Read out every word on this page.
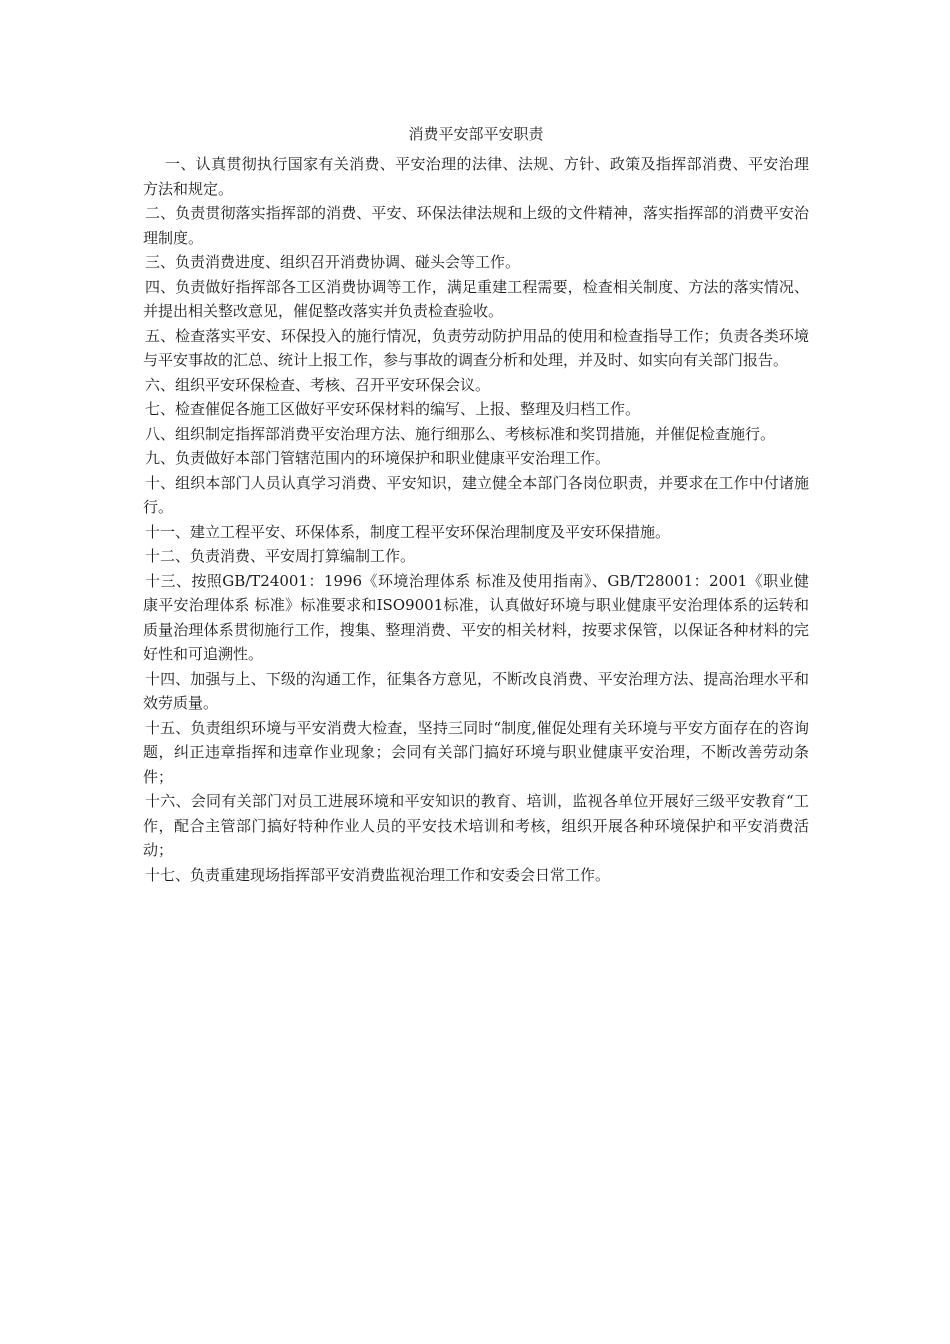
消费平安部平安职责

一、认真贯彻执行国家有关消费、平安治理的法律、法规、方针、政策及指挥部消费、平安治理方法和规定。

二、负责贯彻落实指挥部的消费、平安、环保法律法规和上级的文件精神，落实指挥部的消费平安治理制度。

三、负责消费进度、组织召开消费协调、碰头会等工作。

四、负责做好指挥部各工区消费协调等工作，满足重建工程需要，检查相关制度、方法的落实情况、并提出相关整改意见，催促整改落实并负责检查验收。

五、检查落实平安、环保投入的施行情况，负责劳动防护用品的使用和检查指导工作；负责各类环境与平安事故的汇总、统计上报工作，参与事故的调查分析和处理，并及时、如实向有关部门报告。

六、组织平安环保检查、考核、召开平安环保会议。

七、检查催促各施工区做好平安环保材料的编写、上报、整理及归档工作。

八、组织制定指挥部消费平安治理方法、施行细那么、考核标准和奖罚措施，并催促检查施行。

九、负责做好本部门管辖范围内的环境保护和职业健康平安治理工作。

十、组织本部门人员认真学习消费、平安知识，建立健全本部门各岗位职责，并要求在工作中付诸施行。

十一、建立工程平安、环保体系，制度工程平安环保治理制度及平安环保措施。

十二、负责消费、平安周打算编制工作。

十三、按照GB/T24001：1996《环境治理体系 标准及使用指南》、GB/T28001：2001《职业健康平安治理体系 标准》标准要求和ISO9001标准，认真做好环境与职业健康平安治理体系的运转和质量治理体系贯彻施行工作，搜集、整理消费、平安的相关材料，按要求保管，以保证各种材料的完好性和可追溯性。

十四、加强与上、下级的沟通工作，征集各方意见，不断改良消费、平安治理方法、提高治理水平和效劳质量。

十五、负责组织环境与平安消费大检查，坚持三同时“制度,催促处理有关环境与平安方面存在的咨询题，纠正违章指挥和违章作业现象；会同有关部门搞好环境与职业健康平安治理，不断改善劳动条件；

十六、会同有关部门对员工进展环境和平安知识的教育、培训，监视各单位开展好三级平安教育“工作，配合主管部门搞好特种作业人员的平安技术培训和考核，组织开展各种环境保护和平安消费活动；

十七、负责重建现场指挥部平安消费监视治理工作和安委会日常工作。
